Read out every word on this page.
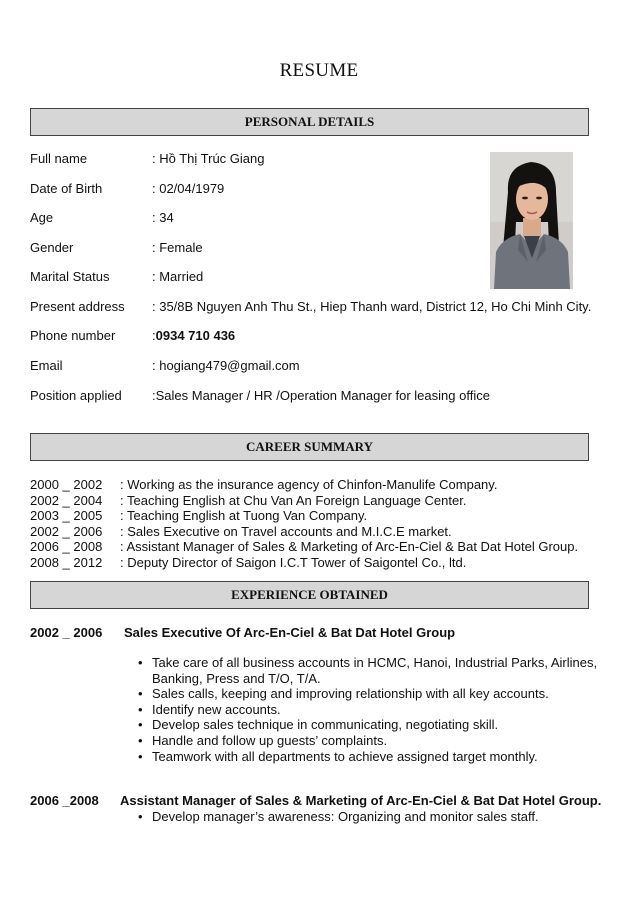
RESUME
PERSONAL DETAILS
Full name	: Hồ Thị Trúc Giang
Date of Birth	: 02/04/1979
Age	: 34
Gender	: Female
Marital Status	: Married
Present address : 35/8B Nguyen Anh Thu St., Hiep Thanh ward, District 12, Ho Chi Minh City.
Phone number	:0934 710 436
Email	: hogiang479@gmail.com
Position applied :Sales Manager / HR /Operation Manager for leasing office
CAREER SUMMARY
2000 _ 2002 : Working as the insurance agency of Chinfon-Manulife Company.
2002 _ 2004 : Teaching English at Chu Van An Foreign Language Center.
2003 _ 2005 : Teaching English at Tuong Van Company.
2002 _ 2006 : Sales Executive on Travel accounts and M.I.C.E market.
2006 _ 2008 : Assistant Manager of Sales & Marketing of Arc-En-Ciel & Bat Dat Hotel Group.
2008 _ 2012 : Deputy Director of Saigon I.C.T Tower of Saigontel Co., ltd.
EXPERIENCE OBTAINED
2002 _ 2006 Sales Executive Of Arc-En-Ciel & Bat Dat Hotel Group
• Take care of all business accounts in HCMC, Hanoi, Industrial Parks, Airlines, Banking, Press and T/O, T/A.
• Sales calls, keeping and improving relationship with all key accounts.
• Identify new accounts.
• Develop sales technique in communicating, negotiating skill.
• Handle and follow up guests’ complaints.
• Teamwork with all departments to achieve assigned target monthly.
2006 _2008 Assistant Manager of Sales & Marketing of Arc-En-Ciel & Bat Dat Hotel Group.
• Develop manager’s awareness: Organizing and monitor sales staff.
